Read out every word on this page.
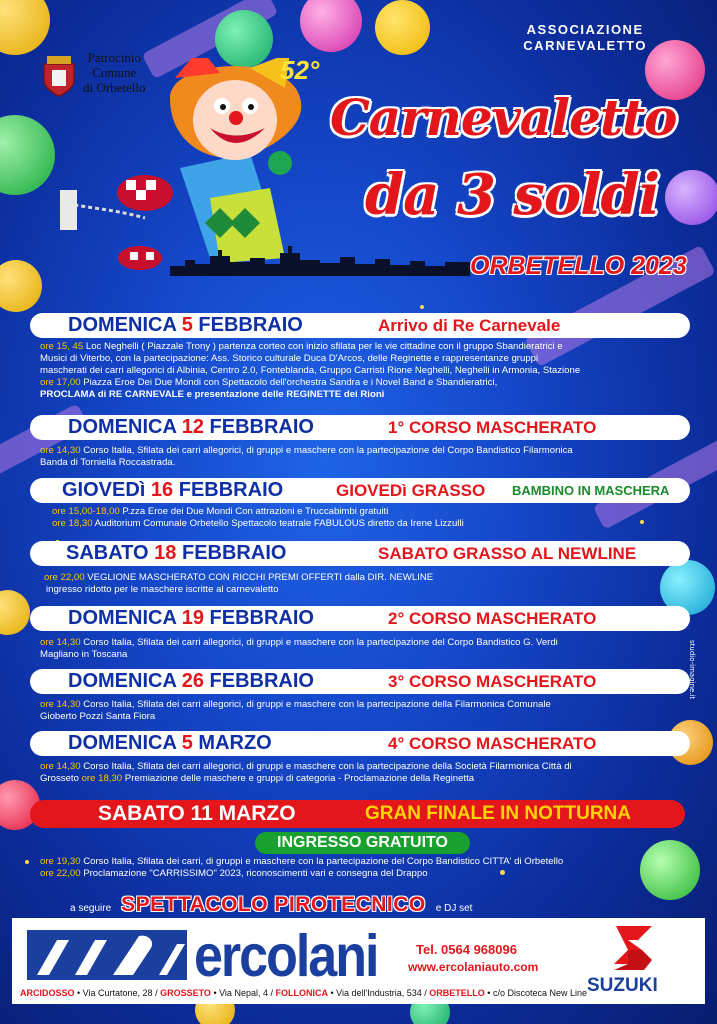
ASSOCIAZIONE
CARNEVALETTO
Patrocinio
Comune
di Orbetello
52°
Carnevaletto
da 3 soldi
ORBETELLO 2023
DOMENICA 5 FEBBRAIO	Arrivo di Re Carnevale
ore 15, 45 Loc Neghelli ( Piazzale Trony ) partenza corteo con inizio sfilata per le vie cittadine con il gruppo Sbandieratrici e
Musici di Viterbo, con la partecipazione: Ass. Storico culturale Duca D'Arcos, delle Reginette e rappresentanze gruppi
mascherati dei carri allegorici di Albinia, Centro 2.0, Fonteblanda, Gruppo Carristi Rione Neghelli, Neghelli in Armonia, Stazione
ore 17,00 Piazza Eroe Dei Due Mondi con Spettacolo dell'orchestra Sandra e i Novel Band e Sbandieratrici,
PROCLAMA di RE CARNEVALE e presentazione delle REGINETTE dei Rioni
DOMENICA 12 FEBBRAIO	1° CORSO MASCHERATO
ore 14,30 Corso Italia, Sfilata dei carri allegorici, di gruppi e maschere con la partecipazione del Corpo Bandistico Filarmonica
Banda di Torniella Roccastrada.
GIOVEDì 16 FEBBRAIO	GIOVEDì GRASSO BAMBINO IN MASCHERA
ore 15,00-18,00 P.zza Eroe dei Due Mondi Con attrazioni e Truccabimbi gratuiti
ore 18,30 Auditorium Comunale Orbetello Spettacolo teatrale FABULOUS diretto da Irene Lizzulli
SABATO 18 FEBBRAIO	SABATO GRASSO AL NEWLINE
ore 22,00 VEGLIONE MASCHERATO CON RICCHI PREMI OFFERTI dalla DIR. NEWLINE
ingresso ridotto per le maschere iscritte al carnevaletto
DOMENICA 19 FEBBRAIO	2° CORSO MASCHERATO
ore 14,30 Corso Italia, Sfilata dei carri allegorici, di gruppi e maschere con la partecipazione del Corpo Bandistico G. Verdi
Magliano in Toscana
DOMENICA 26 FEBBRAIO	3° CORSO MASCHERATO
ore 14,30 Corso Italia, Sfilata dei carri allegorici, di gruppi e maschere con la partecipazione della Filarmonica Comunale
Gioberto Pozzi Santa Fiora
DOMENICA 5 MARZO	4° CORSO MASCHERATO
ore 14,30 Corso Italia, Sfilata dei carri allegorici, di gruppi e maschere con la partecipazione della Società Filarmonica Città di
Grosseto ore 18,30 Premiazione delle maschere e gruppi di categoria - Proclamazione della Reginetta
SABATO 11 MARZO	GRAN FINALE IN NOTTURNA
INGRESSO GRATUITO
ore 19,30 Corso Italia, Sfilata dei carri, di gruppi e maschere con la partecipazione del Corpo Bandistico CITTA' di Orbetello
ore 22,00 Proclamazione "CARRISSIMO" 2023, riconoscimenti vari e consegna del Drappo
a seguire SPETTACOLO PIROTECNICO e DJ set
studio-imagine.it
ercolani	Tel. 0564 968096
www.ercolaniauto.com
SUZUKI
ARCIDOSSO • Via Curtatone, 28 / GROSSETO • Via Nepal, 4 / FOLLONICA • Via dell'Industria, 534 / ORBETELLO • c/o Discoteca New Line
